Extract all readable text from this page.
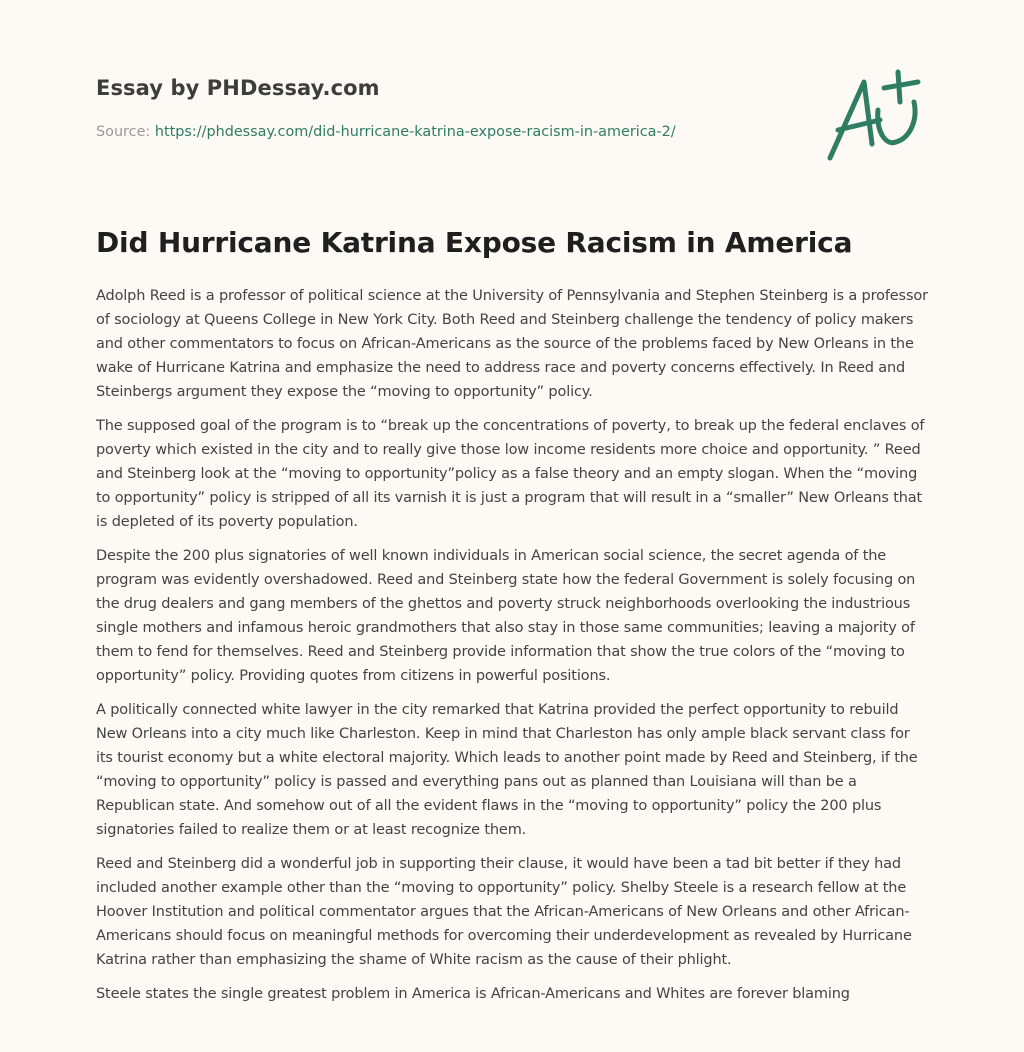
Essay by PHDessay.com
Source: https://phdessay.com/did-hurricane-katrina-expose-racism-in-america-2/
Did Hurricane Katrina Expose Racism in America

Adolph Reed is a professor of political science at the University of Pennsylvania and Stephen Steinberg is a professor of sociology at Queens College in New York City. Both Reed and Steinberg challenge the tendency of policy makers and other commentators to focus on African-Americans as the source of the problems faced by New Orleans in the wake of Hurricane Katrina and emphasize the need to address race and poverty concerns effectively. In Reed and Steinbergs argument they expose the “moving to opportunity” policy.

The supposed goal of the program is to “break up the concentrations of poverty, to break up the federal enclaves of poverty which existed in the city and to really give those low income residents more choice and opportunity. ” Reed and Steinberg look at the “moving to opportunity”policy as a false theory and an empty slogan. When the “moving to opportunity” policy is stripped of all its varnish it is just a program that will result in a “smaller” New Orleans that is depleted of its poverty population.

Despite the 200 plus signatories of well known individuals in American social science, the secret agenda of the program was evidently overshadowed. Reed and Steinberg state how the federal Government is solely focusing on the drug dealers and gang members of the ghettos and poverty struck neighborhoods overlooking the industrious single mothers and infamous heroic grandmothers that also stay in those same communities; leaving a majority of them to fend for themselves. Reed and Steinberg provide information that show the true colors of the “moving to opportunity” policy. Providing quotes from citizens in powerful positions.

A politically connected white lawyer in the city remarked that Katrina provided the perfect opportunity to rebuild New Orleans into a city much like Charleston. Keep in mind that Charleston has only ample black servant class for its tourist economy but a white electoral majority. Which leads to another point made by Reed and Steinberg, if the “moving to opportunity” policy is passed and everything pans out as planned than Louisiana will than be a Republican state. And somehow out of all the evident flaws in the “moving to opportunity” policy the 200 plus signatories failed to realize them or at least recognize them.

Reed and Steinberg did a wonderful job in supporting their clause, it would have been a tad bit better if they had included another example other than the “moving to opportunity” policy. Shelby Steele is a research fellow at the Hoover Institution and political commentator argues that the African-Americans of New Orleans and other African-Americans should focus on meaningful methods for overcoming their underdevelopment as revealed by Hurricane Katrina rather than emphasizing the shame of White racism as the cause of their phlight.

Steele states the single greatest problem in America is African-Americans and Whites are forever blaming
